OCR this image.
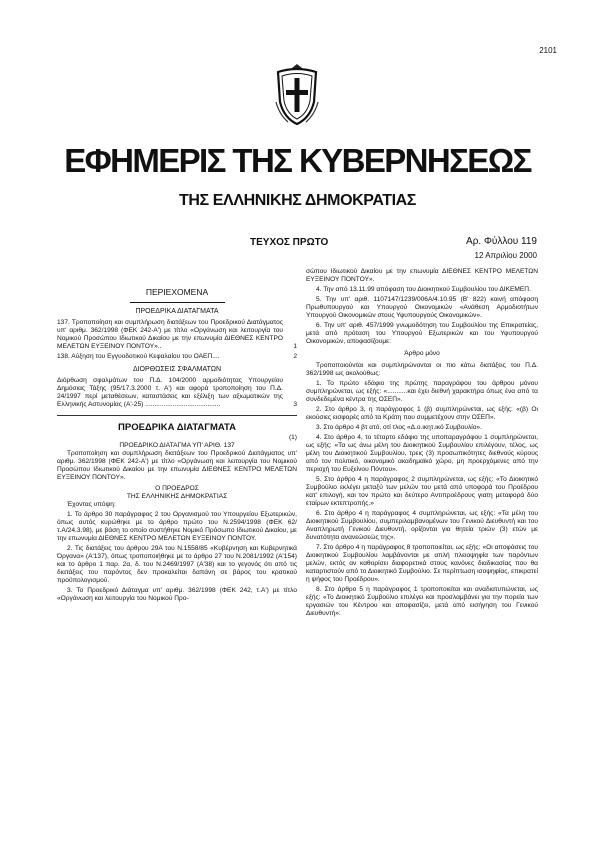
2101
ΕΦΗΜΕΡΙΣ ΤΗΣ ΚΥΒΕΡΝΗΣΕΩΣ
ΤΗΣ ΕΛΛΗΝΙΚΗΣ ΔΗΜΟΚΡΑΤΙΑΣ
ΤΕΥΧΟΣ ΠΡΩΤΟ	Αρ. Φύλλου 119
12 Απριλίου 2000
ΠΕΡΙΕΧΟΜΕΝΑ
ΠΡΟΕΔΡΙΚΑ ΔΙΑΤΑΓΜΑΤΑ
137. Τροποποίηση και συμπλήρωση διατάξεων του Προεδρικού Διατάγματος υπ' αριθμ. 362/1998 (ΦΕΚ 242-Α') με τίτλο «Οργάνωση και λειτουργία του Νομικού Προσώπου Ιδιωτικού Δικαίου με την επωνυμία ΔΙΕΘΝΕΣ ΚΕΝΤΡΟ ΜΕΛΕΤΩΝ ΕΥΞΕΙΝΟΥ ΠΟΝΤΟΥ»..	1
138. Αύξηση του Εγγυοδοτικού Κεφαλαίου του ΟΑΕΠ....	2
ΔΙΟΡΘΩΣΕΙΣ ΣΦΑΛΜΑΤΩΝ
Διόρθωση σφαλμάτων του Π.Δ. 104/2000 αρμοδιότητας Υπουργείου Δημόσιας Τάξης (95/17.3.2000 τ. Α') και αφορά τροποποίηση του Π.Δ. 24/1997 περί μεταθέσεων, καταστάσεις και εξέλιξη των αξιωματικών της Ελληνικής Αστυνομίας (Α'-25) .........................................	3
ΠΡΟΕΔΡΙΚΑ ΔΙΑΤΑΓΜΑΤΑ
(1)
ΠΡΟΕΔΡΙΚΟ ΔΙΑΤΑΓΜΑ ΥΠ' ΑΡΙΘ. 137
Τροποποίηση και συμπλήρωση διατάξεων του Προεδρικού Διατάγματος υπ' αριθμ. 362/1998 (ΦΕΚ 242-Α') με τίτλο «Οργάνωση και λειτουργία του Νομικού Προσώπου Ιδιωτικού Δικαίου με την επωνυμία ΔΙΕΘΝΕΣ ΚΕΝΤΡΟ ΜΕΛΕΤΩΝ ΕΥΞΕΙΝΟΥ ΠΟΝΤΟΥ».
Ο ΠΡΟΕΔΡΟΣ
ΤΗΣ ΕΛΛΗΝΙΚΗΣ ΔΗΜΟΚΡΑΤΙΑΣ
Έχοντας υπόψη:
1. Το άρθρο 30 παράγραφος 2 του Οργανισμού του Υπουργείου Εξωτερικών, όπως αυτός κυρώθηκε με το άρθρο πρώτο του Ν.2594/1998 (ΦΕΚ 62/τ.Α/24.3.98), με βάση το οποίο συστήθηκε Νομικό Πρόσωπο Ιδιωτικού Δικαίου, με την επωνυμία ΔΙΕΘΝΕΣ ΚΕΝΤΡΟ ΜΕΛΕΤΩΝ ΕΥΞΕΙΝΟΥ ΠΟΝΤΟΥ.
2. Τις διατάξεις του άρθρου 29Α του Ν.1558/85 «Κυβέρνηση και Κυβερνητικά Όργανα» (Α'137), όπως τροποποιήθηκε με το άρθρο 27 του Ν.2081/1992 (Α'154) και το άρθρο 1 παρ. 2α, δ. του Ν.2469/1997 (Α'38) και το γεγονός ότι από τις διατάξεις του παρόντος δεν προκαλείται δαπάνη σε βάρος του κρατικού προϋπολογισμού.
3. Το Προεδρικό Διάταγμα υπ' αριθμ. 362/1998 (ΦΕΚ 242, τ.Α') με τίτλο «Οργάνωση και λειτουργία του Νομικού Προ-
σώπου Ιδιωτικού Δικαίου με την επωνυμία ΔΙΕΘΝΕΣ ΚΕΝΤΡΟ ΜΕΛΕΤΩΝ ΕΥΞΕΙΝΟΥ ΠΟΝΤΟΥ».
4. Την από 13.11.99 απόφαση του Διοικητικού Συμβουλίου του ΔΙΚΕΜΕΠ.
5. Την υπ' αριθ. 1107147/1239/006Α/4.10.95 (Β' 822) κοινή απόφαση Πρωθυπουργού και Υπουργού Οικονομικών «Ανάθεση Αρμοδιοτήτων Υπουργού Οικονομικών στους Υφυπουργούς Οικονομικών».
6. Την υπ' αριθ. 457/1999 γνωμοδότηση του Συμβουλίου της Επικρατείας, μετά από πρόταση του Υπουργού Εξωτερικών και του Υφυπουργού Οικονομικών, αποφασίζουμε:
Άρθρο μόνο
Τροποποιούνται και συμπληρώνονται οι πιο κάτω διατάξεις του Π.Δ. 362/1998 ως ακολούθως:
1. Το πρώτο εδάφιο της πρώτης παραγράφου του άρθρου μόνου συμπληρώνεται, ως εξής: «...........και έχει διεθνή χαρακτήρα όπως ένα από τα συνδεδεμένα κέντρα της ΟΣΕΠ».
2. Στο άρθρο 3, η παράγραφος 1 (β) συμπληρώνεται, ως εξής: «(β) Οι εκούσιες εισφορές από τα Κράτη που συμμετέχουν στην ΟΣΕΠ».
3. Στο άρθρο 4 βτ ατό, οτί τλος «Δ.ο.ικητ.ικό Συμβουλίο».
4. Στο άρθρο 4, το τέταρτο εδάφιο της υποπαραγράφου 1 συμπληρώνεται, ως εξής: «Τα ως άνω μέλη του Διοικητικού Συμβουλίου επιλέγουν, τέλος, ως μέλη του Διοικητικού Συμβουλίου, τρεις (3) προσωπικότητες διεθνούς κύρους από τον πολιτικό, οικονομικό ακαδημαϊκό χώρο, μη προερχόμενες από την περιοχή του Ευξείνου Πόντου».
5. Στο άρθρο 4 η παράγραφος 2 συμπληρώνεται, ως εξής: «Το Διοικητικό Συμβούλιο εκλέγει μεταξύ των μελών του μετά από υποφορά του Προέδρου κατ' επιλογή, και τον πρώτο και δεύτερο Αντιπροέδρους γιατη μεταφορά δύο εταίρων εκτεπτροπής.»
6. Στο άρθρο 4 η παράγραφος 4 συμπληρώνεται, ως εξής: «Τα μέλη του Διοικητικού Συμβουλίου, συμπεριλαμβανομένων του Γενικού Διευθυντή και του Αναπληρωτή Γενικού Διευθυντή, ορίζονται για θητεία τριών (3) ετών με δυνατότητα ανανεώσεώς της».
7. Στο άρθρο 4 η παράγραφος 8 τροποποιείται, ως εξής: «Οι αποφάσεις του Διοικητικού Συμβουλίου λαμβάνονται με απλή πλειοψηφία των παρόντων μελών, εκτός αν καθορίσει διαφορετικά στους κανόνες διαδικασίας που θα καταρτιστούν από το Διοικητικό Συμβούλιο. Σε περίπτωση ισοψηφίας, επικρατεί η ψήφος του Προέδρου».
8. Στο άρθρο 5 η παράγραφος 1 τροποποιείται και αναδιατυπώνεται, ως εξής: «Το Διοικητικό Συμβούλιο επιλέγει και προσλαμβάνει για την πορεία των εργασιών του Κέντρου και αποφασίζει, μετά από εισήγηση του Γενικού Διευθυντή»:
